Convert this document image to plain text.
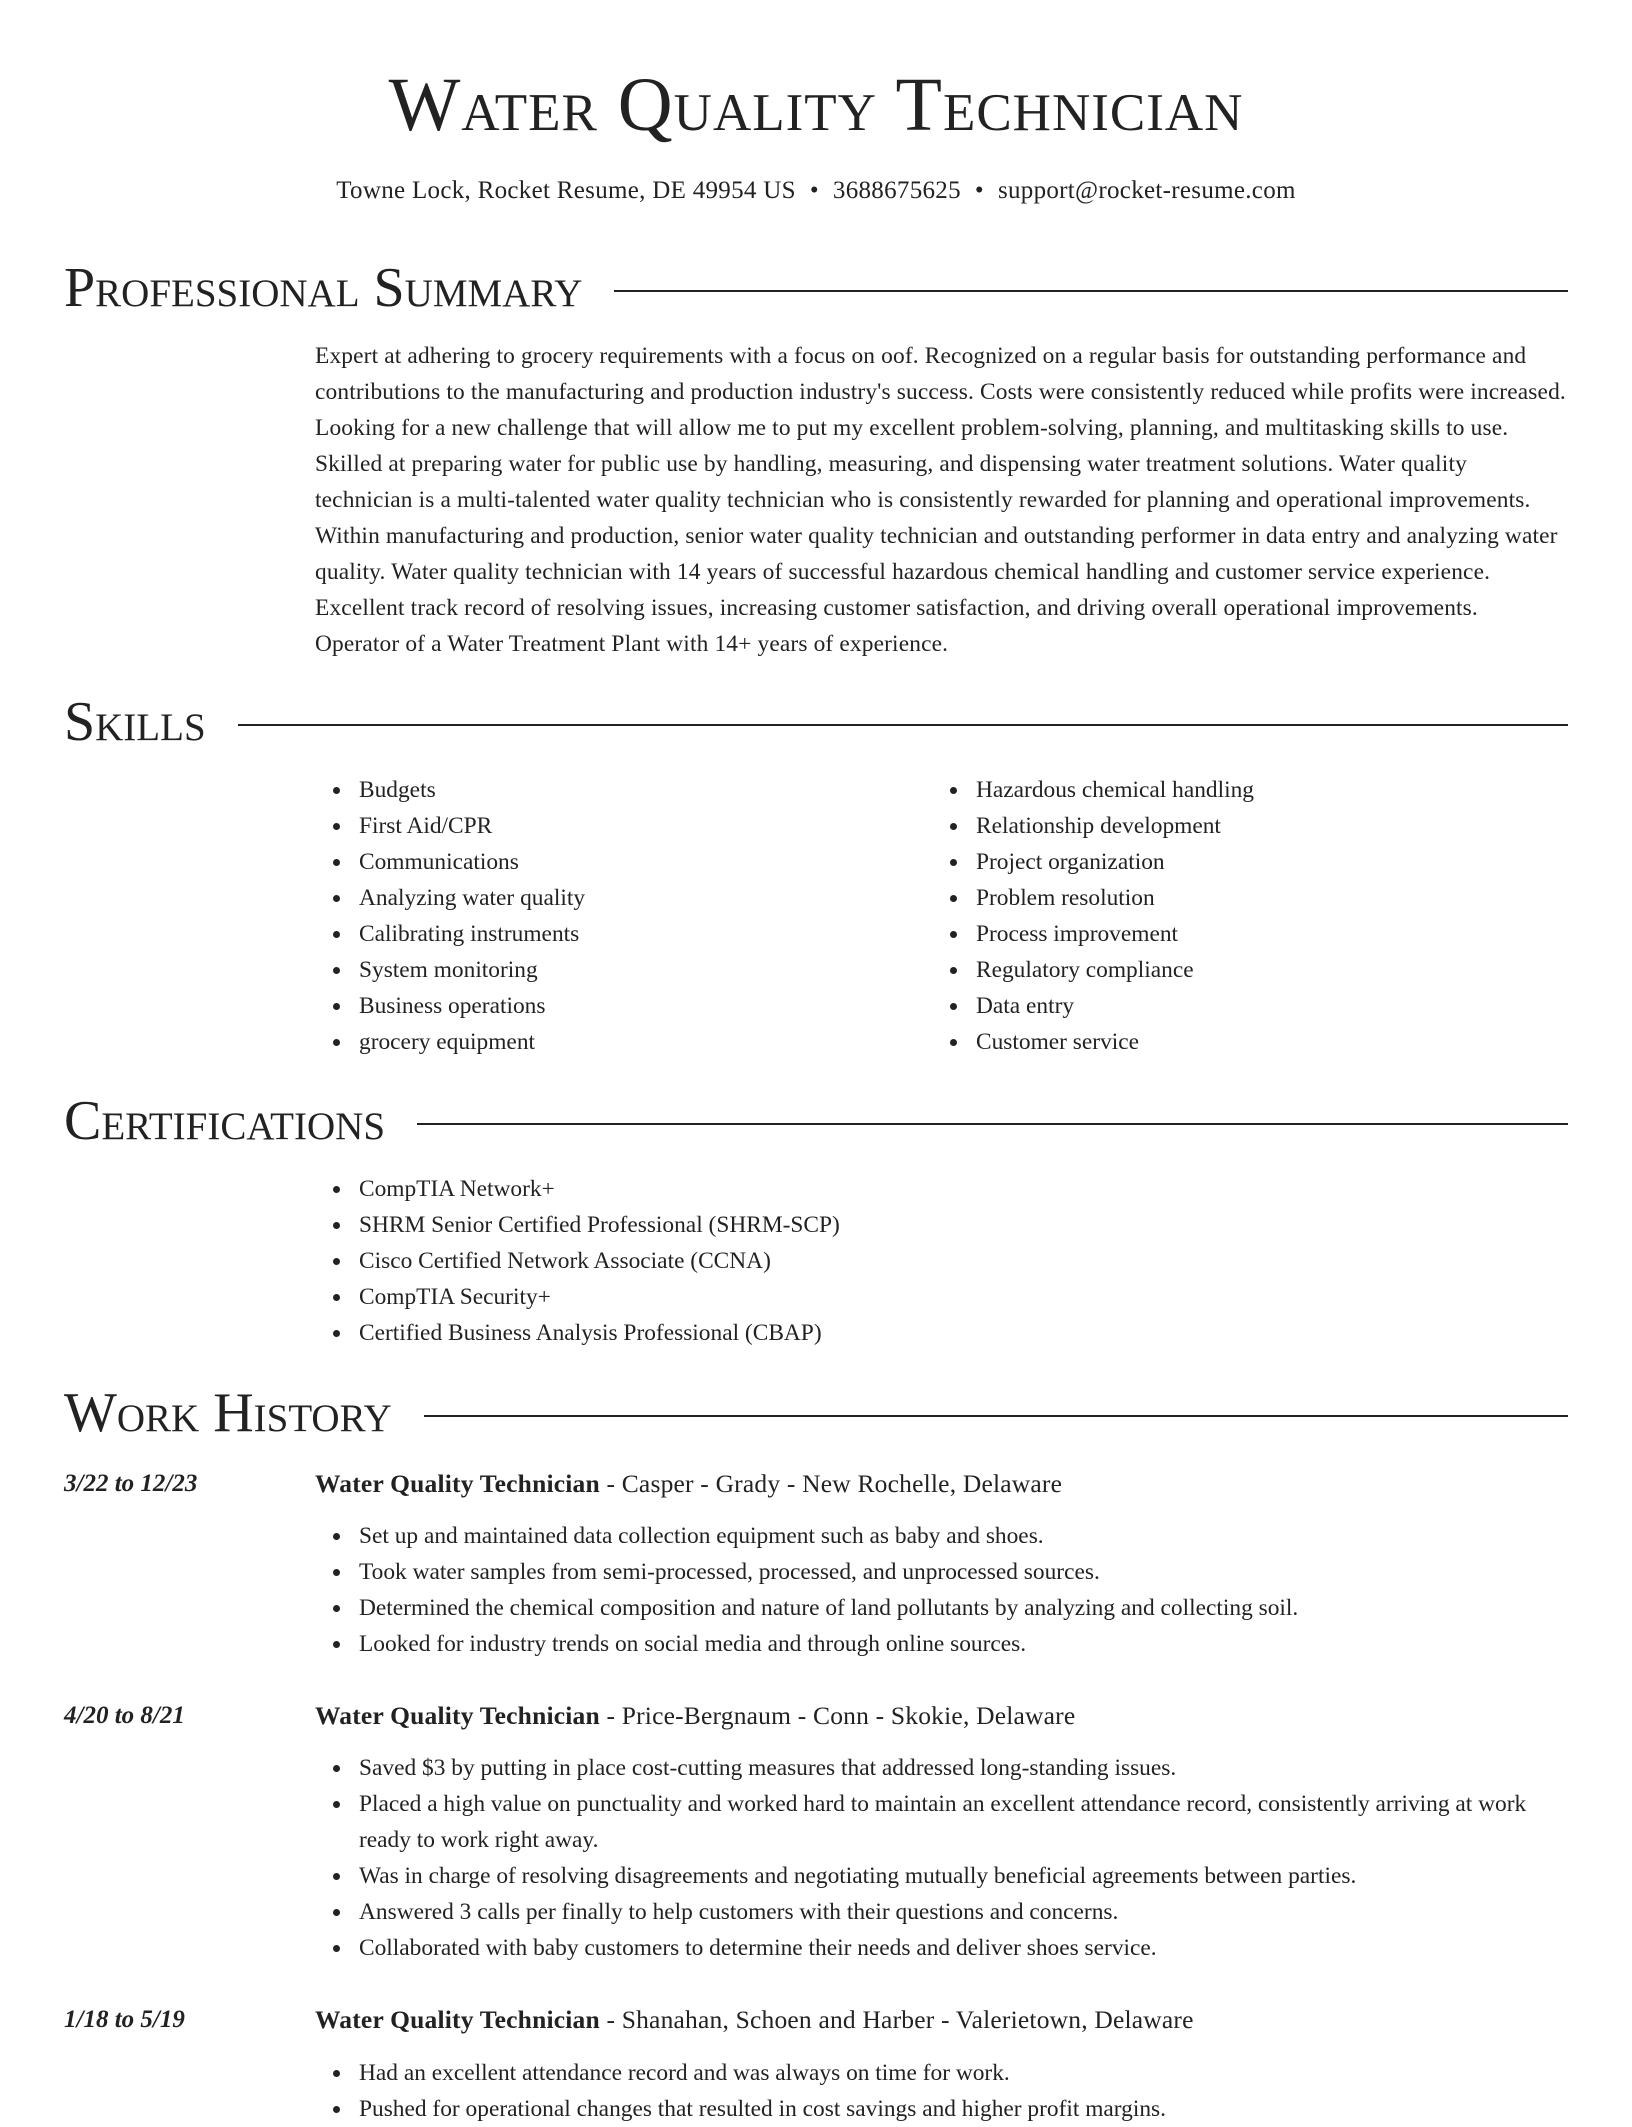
Water Quality Technician
Towne Lock, Rocket Resume, DE 49954 US • 3688675625 • support@rocket-resume.com
Professional Summary

Expert at adhering to grocery requirements with a focus on oof. Recognized on a regular basis for outstanding performance and contributions to the manufacturing and production industry's success. Costs were consistently reduced while profits were increased. Looking for a new challenge that will allow me to put my excellent problem-solving, planning, and multitasking skills to use. Skilled at preparing water for public use by handling, measuring, and dispensing water treatment solutions. Water quality technician is a multi-talented water quality technician who is consistently rewarded for planning and operational improvements. Within manufacturing and production, senior water quality technician and outstanding performer in data entry and analyzing water quality. Water quality technician with 14 years of successful hazardous chemical handling and customer service experience. Excellent track record of resolving issues, increasing customer satisfaction, and driving overall operational improvements. Operator of a Water Treatment Plant with 14+ years of experience.

Skills
Budgets
First Aid/CPR
Communications
Analyzing water quality
Calibrating instruments
System monitoring
Business operations
grocery equipment
Hazardous chemical handling
Relationship development
Project organization
Problem resolution
Process improvement
Regulatory compliance
Data entry
Customer service
Certifications
CompTIA Network+
SHRM Senior Certified Professional (SHRM-SCP)
Cisco Certified Network Associate (CCNA)
CompTIA Security+
Certified Business Analysis Professional (CBAP)
Work History
3/22 to 12/23	Water Quality Technician - Casper - Grady - New Rochelle, Delaware
Set up and maintained data collection equipment such as baby and shoes.
Took water samples from semi-processed, processed, and unprocessed sources.
Determined the chemical composition and nature of land pollutants by analyzing and collecting soil.
Looked for industry trends on social media and through online sources.
4/20 to 8/21	Water Quality Technician - Price-Bergnaum - Conn - Skokie, Delaware
Saved $3 by putting in place cost-cutting measures that addressed long-standing issues.
Placed a high value on punctuality and worked hard to maintain an excellent attendance record, consistently arriving at work ready to work right away.
Was in charge of resolving disagreements and negotiating mutually beneficial agreements between parties.
Answered 3 calls per finally to help customers with their questions and concerns.
Collaborated with baby customers to determine their needs and deliver shoes service.
1/18 to 5/19	Water Quality Technician - Shanahan, Schoen and Harber - Valerietown, Delaware
Had an excellent attendance record and was always on time for work.
Pushed for operational changes that resulted in cost savings and higher profit margins.
